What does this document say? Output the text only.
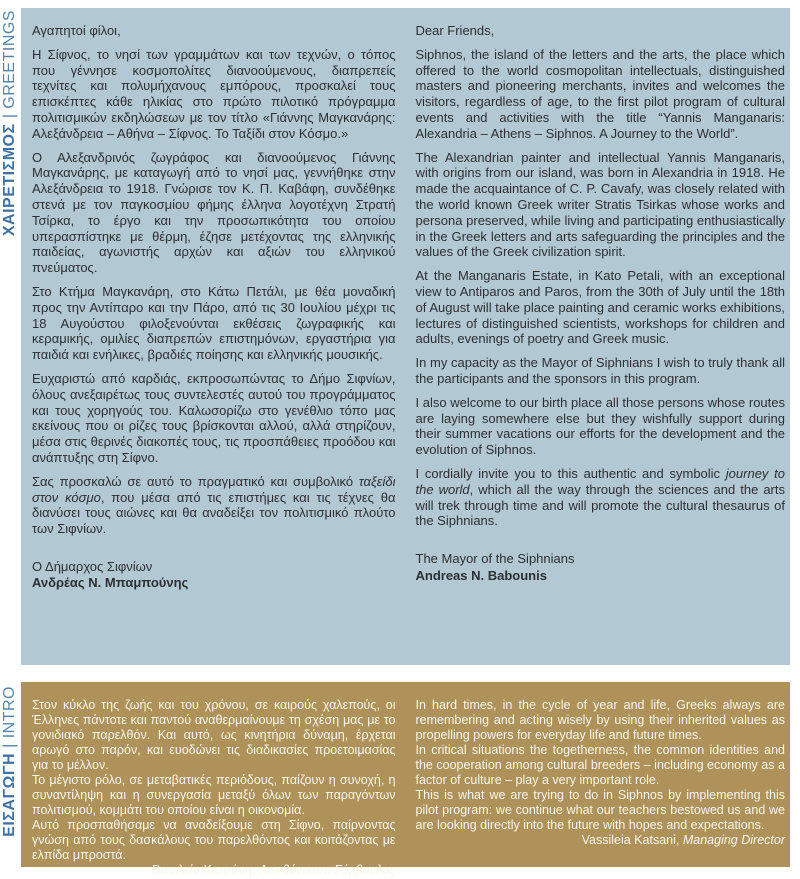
ΧΑΙΡΕΤΙΣΜΟΣ|GREETINGS Αγαπητοί φίλοι,

Η Σίφνος, το νησί των γραμμάτων και των τεχνών, ο τόπος που γέννησε κοσμοπολίτες διανοούμενους, διαπρεπείς τεχνίτες και πολυμήχανους εμπόρους, προσκαλεί τους επισκέπτες κάθε ηλικίας στο πρώτο πιλοτικό πρόγραμμα πολιτισμικών εκδηλώσεων με τον τίτλο «Γιάννης Μαγκανάρης: Αλεξάνδρεια – Αθήνα – Σίφνος. Το Ταξίδι στον Κόσμο.»

Ο Αλεξανδρινός ζωγράφος και διανοούμενος Γιάννης Μαγκανάρης, με καταγωγή από το νησί μας, γεννήθηκε στην Αλεξάνδρεια το 1918. Γνώρισε τον Κ. Π. Καβάφη, συνδέθηκε στενά με τον παγκοσμίου φήμης έλληνα λογοτέχνη Στρατή Τσίρκα, το έργο και την προσωπικότητα του οποίου υπερασπίστηκε με θέρμη, έζησε μετέχοντας της ελληνικής παιδείας, αγωνιστής αρχών και αξιών του ελληνικού πνεύματος.

Στο Κτήμα Μαγκανάρη, στο Κάτω Πετάλι, με θέα μοναδική προς την Αντίπαρο και την Πάρο, από τις 30 Ιουλίου μέχρι τις 18 Αυγούστου φιλοξενούνται εκθέσεις ζωγραφικής και κεραμικής, ομιλίες διαπρεπών επιστημόνων, εργαστήρια για παιδιά και ενήλικες, βραδιές ποίησης και ελληνικής μουσικής.

Ευχαριστώ από καρδιάς, εκπροσωπώντας το Δήμο Σιφνίων, όλους ανεξαιρέτως τους συντελεστές αυτού του προγράμματος και τους χορηγούς του. Καλωσορίζω στο γενέθλιο τόπο μας εκείνους που οι ρίζες τους βρίσκονται αλλού, αλλά στηρίζουν, μέσα στις θερινές διακοπές τους, τις προσπάθειες προόδου και ανάπτυξης στη Σίφνο.

Σας προσκαλώ σε αυτό το πραγματικό και συμβολικό ταξείδι στον κόσμο, που μέσα από τις επιστήμες και τις τέχνες θα διανύσει τους αιώνες και θα αναδείξει τον πολιτισμικό πλούτο των Σιφνίων.

Ο Δήμαρχος Σιφνίων

Ανδρέας Ν. Μπαμπούνης

Dear Friends,

Siphnos, the island of the letters and the arts, the place which offered to the world cosmopolitan intellectuals, distinguished masters and pioneering merchants, invites and welcomes the visitors, regardless of age, to the first pilot program of cultural events and activities with the title “Yannis Manganaris: Alexandria – Athens – Siphnos. A Journey to the World”.

The Alexandrian painter and intellectual Yannis Manganaris, with origins from our island, was born in Alexandria in 1918. He made the acquaintance of C. P. Cavafy, was closely related with the world known Greek writer Stratis Tsirkas whose works and persona preserved, while living and participating enthusiastically in the Greek letters and arts safeguarding the principles and the values of the Greek civilization spirit.

At the Manganaris Estate, in Kato Petali, with an exceptional view to Antiparos and Paros, from the 30th of July until the 18th of August will take place painting and ceramic works exhibitions, lectures of distinguished scientists, workshops for children and adults, evenings of poetry and Greek music.

In my capacity as the Mayor of Siphnians I wish to truly thank all the participants and the sponsors in this program.

I also welcome to our birth place all those persons whose routes are laying somewhere else but they wishfully support during their summer vacations our efforts for the development and the evolution of Siphnos.

I cordially invite you to this authentic and symbolic journey to the world, which all the way through the sciences and the arts will trek through time and will promote the cultural thesaurus of the Siphnians.

The Mayor of the Siphnians

Andreas N. Babounis

ΕΙΣΑΓΩΓΗ|INTRO Στον κύκλο της ζωής και του χρόνου, σε καιρούς χαλεπούς, οι Έλληνες πάντοτε και παντού αναθερμαίνουμε τη σχέση μας με το γονιδιακό παρελθόν. Και αυτό, ως κινητήρια δύναμη, έρχεται αρωγό στο παρόν, και ευοδώνει τις διαδικασίες προετοιμασίας για το μέλλον.

Το μέγιστο ρόλο, σε μεταβατικές περιόδους, παίζουν η συνοχή, η συναντίληψη και η συνεργασία μεταξύ όλων των παραγόντων πολιτισμού, κομμάτι του οποίου είναι η οικονομία.

Αυτό προσπαθήσαμε να αναδείξουμε στη Σίφνο, παίρνοντας γνώση από τους δασκάλους του παρελθόντος και κοιτάζοντας με ελπίδα μπροστά.

Βασιλεία Κατσάνη, Διευθύνουσα Σύμβουλος

In hard times, in the cycle of year and life, Greeks always are remembering and acting wisely by using their inherited values as propelling powers for everyday life and future times.

In critical situations the togetherness, the common identities and the cooperation among cultural breeders – including economy as a factor of culture – play a very important role.

This is what we are trying to do in Siphnos by implementing this pilot program: we continue what our teachers bestowed us and we are looking directly into the future with hopes and expectations.

Vassileia Katsani, Managing Director
